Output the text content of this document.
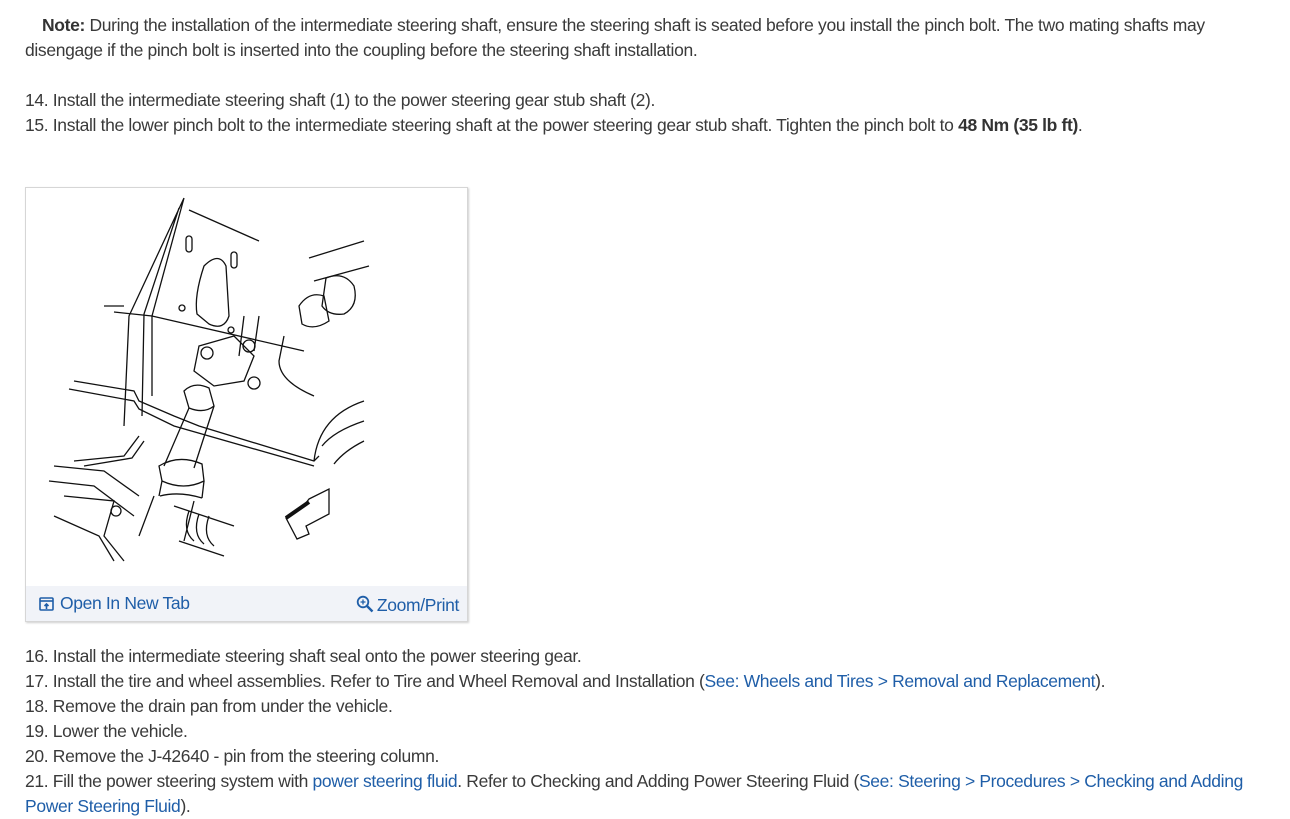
Note: During the installation of the intermediate steering shaft, ensure the steering shaft is seated before you install the pinch bolt. The two mating shafts may disengage if the pinch bolt is inserted into the coupling before the steering shaft installation.

14. Install the intermediate steering shaft (1) to the power steering gear stub shaft (2).
15. Install the lower pinch bolt to the intermediate steering shaft at the power steering gear stub shaft. Tighten the pinch bolt to 48 Nm (35 lb ft).
Open In New Tab	Zoom/Print
16. Install the intermediate steering shaft seal onto the power steering gear.
17. Install the tire and wheel assemblies. Refer to Tire and Wheel Removal and Installation (See: Wheels and Tires > Removal and Replacement).
18. Remove the drain pan from under the vehicle.
19. Lower the vehicle.
20. Remove the J-42640 - pin from the steering column.
21. Fill the power steering system with power steering fluid. Refer to Checking and Adding Power Steering Fluid (See: Steering > Procedures > Checking and Adding Power Steering Fluid).
